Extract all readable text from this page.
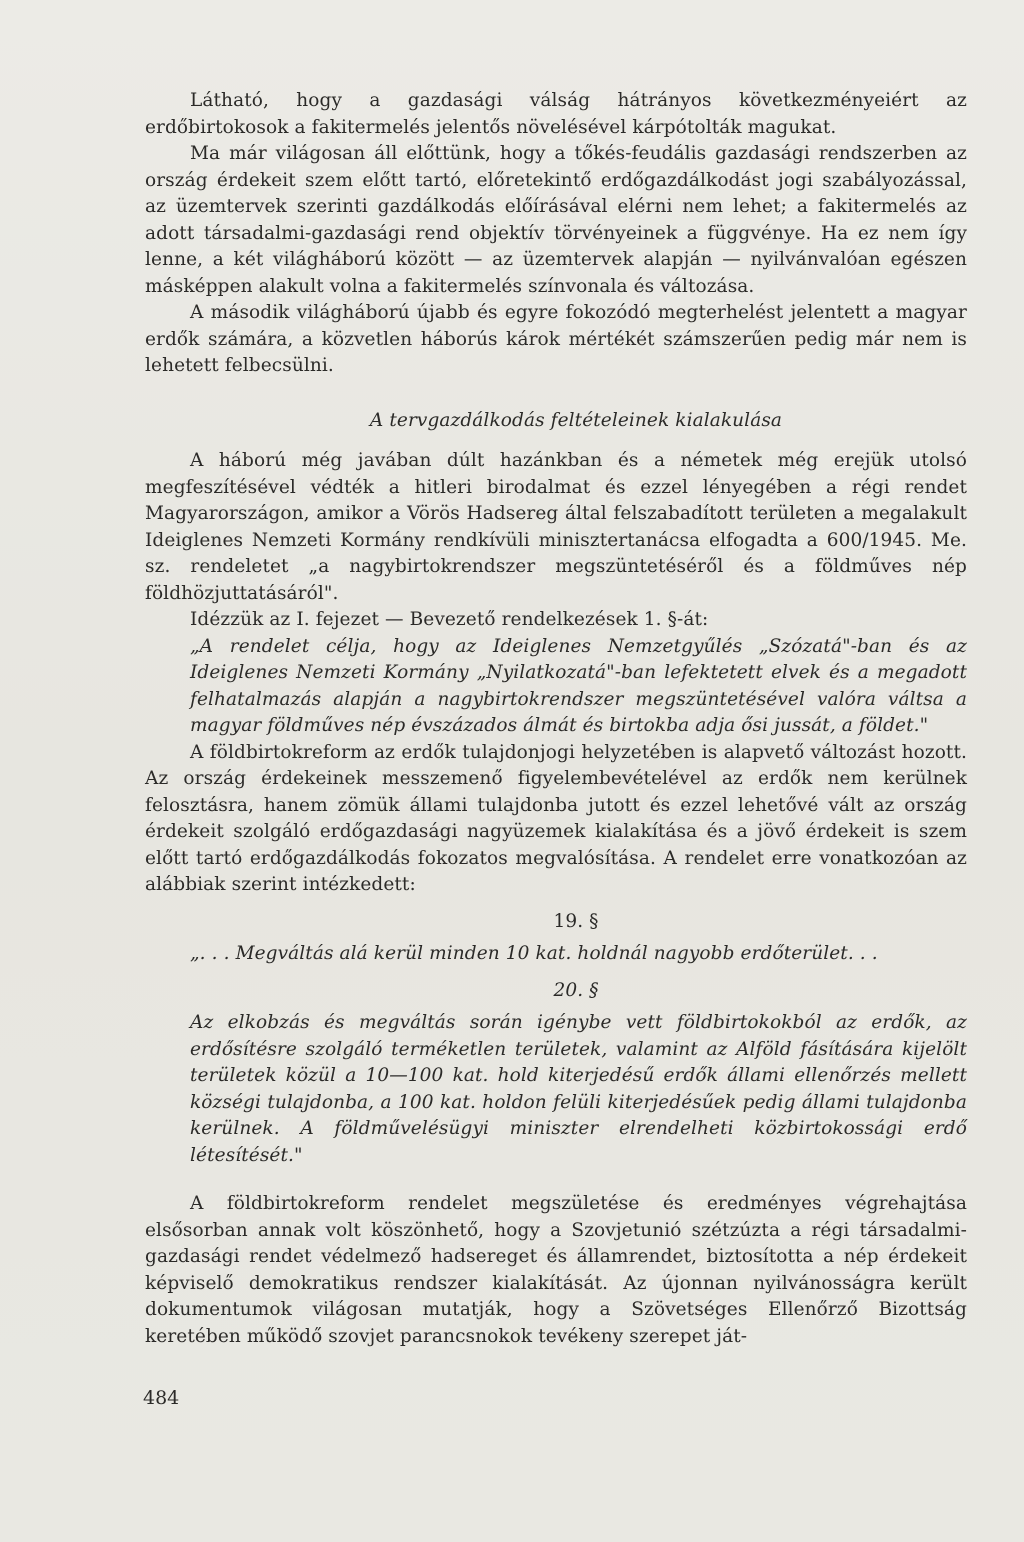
Látható, hogy a gazdasági válság hátrányos következményeiért az erdőbirtokosok a fakitermelés jelentős növelésével kárpótolták magukat.

Ma már világosan áll előttünk, hogy a tőkés-feudális gazdasági rendszerben az ország érdekeit szem előtt tartó, előretekintő erdőgazdálkodást jogi szabályozással, az üzemtervek szerinti gazdálkodás előírásával elérni nem lehet; a fakitermelés az adott társadalmi-gazdasági rend objektív törvényeinek a függvénye. Ha ez nem így lenne, a két világháború között — az üzemtervek alapján — nyilvánvalóan egészen másképpen alakult volna a fakitermelés színvonala és változása.

A második világháború újabb és egyre fokozódó megterhelést jelentett a magyar erdők számára, a közvetlen háborús károk mértékét számszerűen pedig már nem is lehetett felbecsülni.

A tervgazdálkodás feltételeinek kialakulása

A háború még javában dúlt hazánkban és a németek még erejük utolsó megfeszítésével védték a hitleri birodalmat és ezzel lényegében a régi rendet Magyarországon, amikor a Vörös Hadsereg által felszabadított területen a megalakult Ideiglenes Nemzeti Kormány rendkívüli minisztertanácsa elfogadta a 600/1945. Me. sz. rendeletet „a nagybirtokrendszer megszüntetéséről és a földműves nép földhözjuttatásáról".

Idézzük az I. fejezet — Bevezető rendelkezések 1. §-át:

„A rendelet célja, hogy az Ideiglenes Nemzetgyűlés „Szózatá"-ban és az Ideiglenes Nemzeti Kormány „Nyilatkozatá"-ban lefektetett elvek és a megadott felhatalmazás alapján a nagybirtokrendszer megszüntetésével valóra váltsa a magyar földműves nép évszázados álmát és birtokba adja ősi jussát, a földet."

A földbirtokreform az erdők tulajdonjogi helyzetében is alapvető változást hozott. Az ország érdekeinek messzemenő figyelembevételével az erdők nem kerülnek felosztásra, hanem zömük állami tulajdonba jutott és ezzel lehetővé vált az ország érdekeit szolgáló erdőgazdasági nagyüzemek kialakítása és a jövő érdekeit is szem előtt tartó erdőgazdálkodás fokozatos megvalósítása. A rendelet erre vonatkozóan az alábbiak szerint intézkedett:

19. §

„. . . Megváltás alá kerül minden 10 kat. holdnál nagyobb erdőterület. . .

20. §

Az elkobzás és megváltás során igénybe vett földbirtokokból az erdők, az erdősítésre szolgáló terméketlen területek, valamint az Alföld fásítására kijelölt területek közül a 10—100 kat. hold kiterjedésű erdők állami ellenőrzés mellett községi tulajdonba, a 100 kat. holdon felüli kiterjedésűek pedig állami tulajdonba kerülnek. A földművelésügyi miniszter elrendelheti közbirtokossági erdő létesítését."

A földbirtokreform rendelet megszületése és eredményes végrehajtása elsősorban annak volt köszönhető, hogy a Szovjetunió szétzúzta a régi társadalmi-gazdasági rendet védelmező hadsereget és államrendet, biztosította a nép érdekeit képviselő demokratikus rendszer kialakítását. Az újonnan nyilvánosságra került dokumentumok világosan mutatják, hogy a Szövetséges Ellenőrző Bizottság keretében működő szovjet parancsnokok tevékeny szerepet ját-

484
